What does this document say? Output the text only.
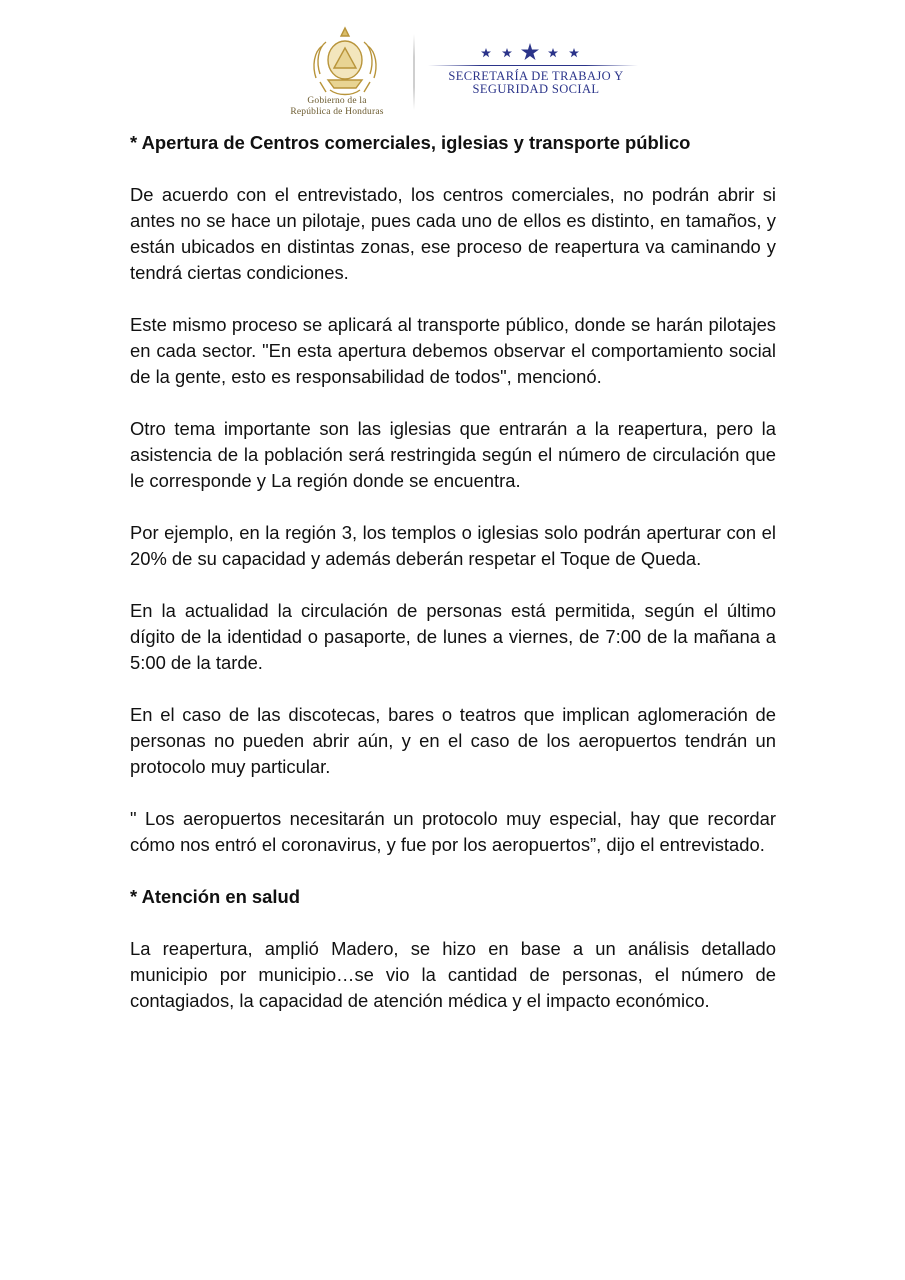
Gobierno de la
República de Honduras
SECRETARÍA DE TRABAJO Y
SEGURIDAD SOCIAL
* Apertura de Centros comerciales, iglesias y transporte público

De acuerdo con el entrevistado, los centros comerciales, no podrán abrir si antes no se hace un pilotaje, pues cada uno de ellos es distinto, en tamaños, y están ubicados en distintas zonas, ese proceso de reapertura va caminando y tendrá ciertas condiciones.

Este mismo proceso se aplicará al transporte público, donde se harán pilotajes en cada sector. "En esta apertura debemos observar el comportamiento social de la gente, esto es responsabilidad de todos", mencionó.

Otro tema importante son las iglesias que entrarán a la reapertura, pero la asistencia de la población será restringida según el número de circulación que le corresponde y La región donde se encuentra.

Por ejemplo, en la región 3, los templos o iglesias solo podrán aperturar con el 20% de su capacidad y además deberán respetar el Toque de Queda.

En la actualidad la circulación de personas está permitida, según el último dígito de la identidad o pasaporte, de lunes a viernes, de 7:00 de la mañana a 5:00 de la tarde.

En el caso de las discotecas, bares o teatros que implican aglomeración de personas no pueden abrir aún, y en el caso de los aeropuertos tendrán un protocolo muy particular.

" Los aeropuertos necesitarán un protocolo muy especial, hay que recordar cómo nos entró el coronavirus, y fue por los aeropuertos”, dijo el entrevistado.

* Atención en salud

La reapertura, amplió Madero, se hizo en base a un análisis detallado municipio por municipio…se vio la cantidad de personas, el número de contagiados, la capacidad de atención médica y el impacto económico.
